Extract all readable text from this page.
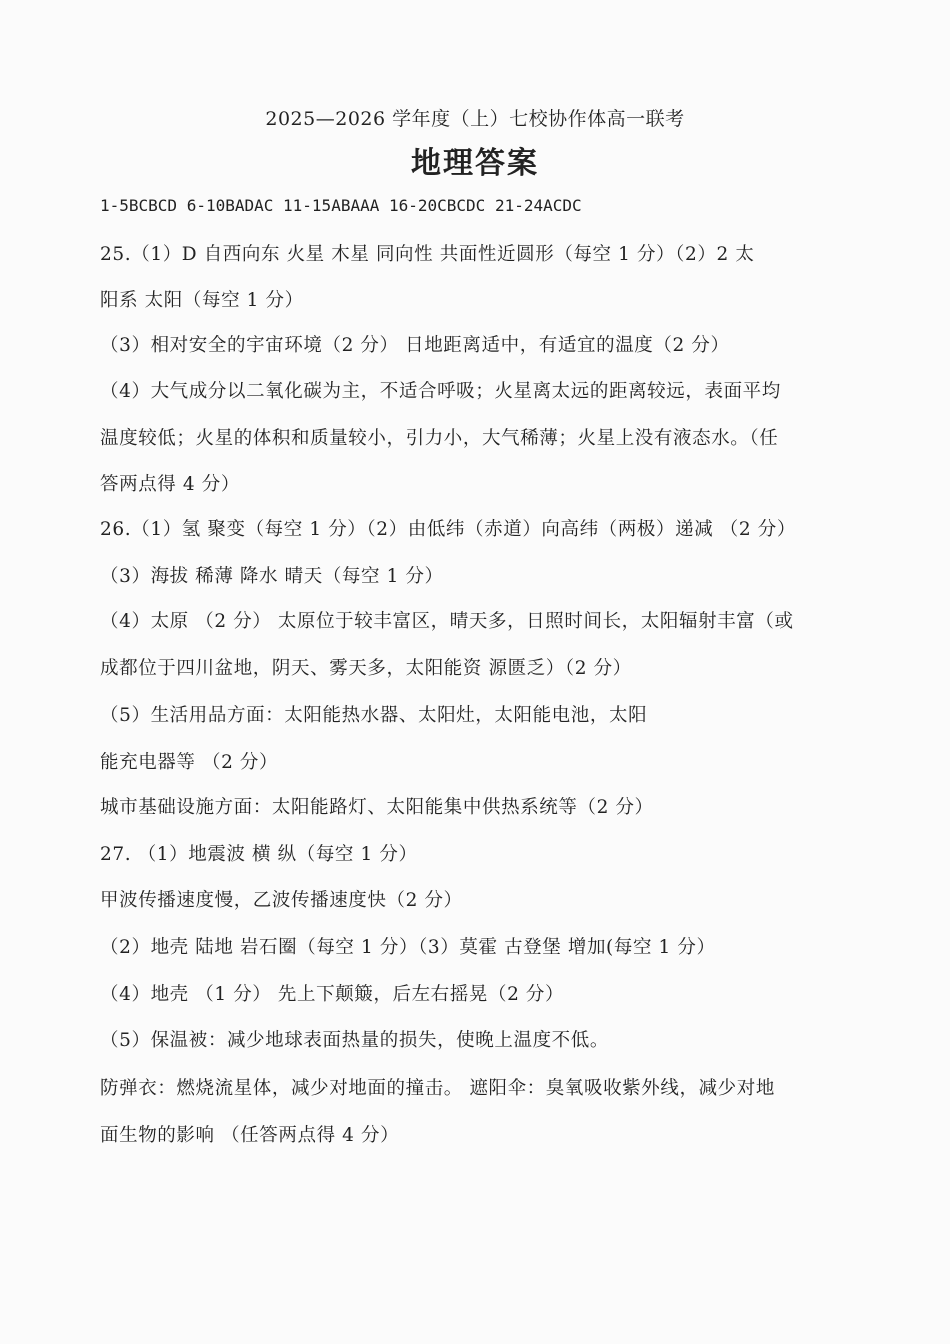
2025—2026 学年度（上）七校协作体高一联考
地理答案
1-5BCBCD 6-10BADAC 11-15ABAAA 16-20CBCDC 21-24ACDC
25.（1）D 自西向东 火星 木星 同向性 共面性近圆形（每空 1 分）（2）2 太
阳系 太阳（每空 1 分）
（3）相对安全的宇宙环境（2 分） 日地距离适中，有适宜的温度（2 分）
（4）大气成分以二氧化碳为主，不适合呼吸；火星离太远的距离较远，表面平均
温度较低；火星的体积和质量较小，引力小，大气稀薄；火星上没有液态水。（任
答两点得 4 分）
26.（1）氢 聚变（每空 1 分）（2）由低纬（赤道）向高纬（两极）递减 （2 分）
（3）海拔 稀薄 降水 晴天（每空 1 分）
（4）太原 （2 分） 太原位于较丰富区，晴天多，日照时间长，太阳辐射丰富（或
成都位于四川盆地，阴天、雾天多，太阳能资 源匮乏）（2 分）
（5）生活用品方面：太阳能热水器、太阳灶，太阳能电池，太阳
能充电器等 （2 分）
城市基础设施方面：太阳能路灯、太阳能集中供热系统等（2 分）
27. （1）地震波 横 纵（每空 1 分）
甲波传播速度慢，乙波传播速度快（2 分）
（2）地壳 陆地 岩石圈（每空 1 分）（3）莫霍 古登堡 增加(每空 1 分）
（4）地壳 （1 分） 先上下颠簸，后左右摇晃（2 分）
（5）保温被：减少地球表面热量的损失，使晚上温度不低。
防弹衣：燃烧流星体，减少对地面的撞击。 遮阳伞：臭氧吸收紫外线，减少对地
面生物的影响 （任答两点得 4 分）
